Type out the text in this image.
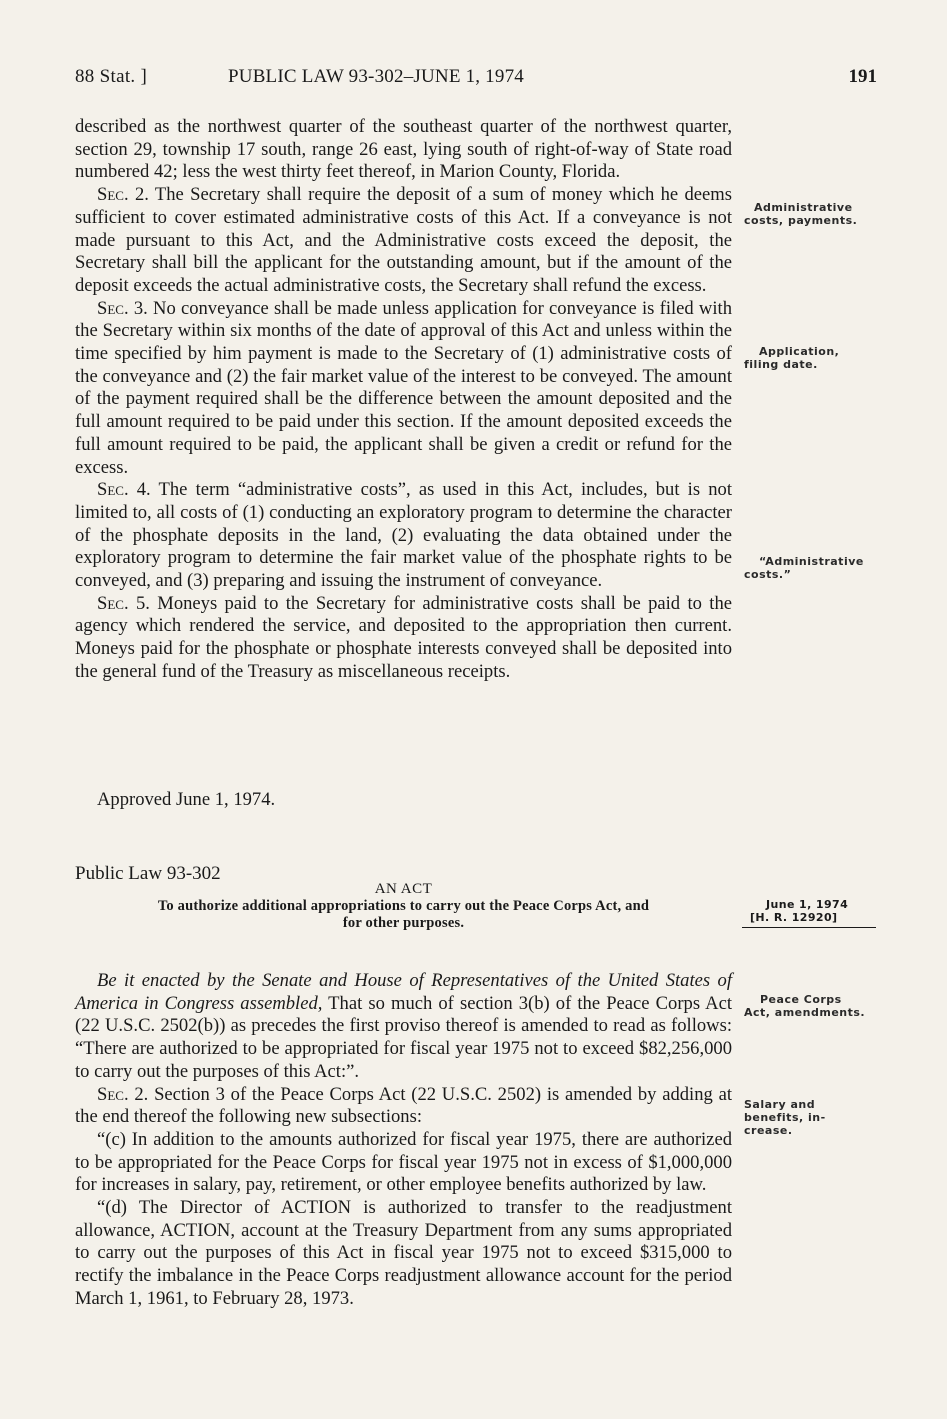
88 Stat. ]	PUBLIC LAW 93-302–JUNE 1, 1974	191

described as the northwest quarter of the southeast quarter of the northwest quarter, section 29, township 17 south, range 26 east, lying south of right-of-way of State road numbered 42; less the west thirty feet thereof, in Marion County, Florida.

Sec. 2. The Secretary shall require the deposit of a sum of money which he deems sufficient to cover estimated administrative costs of this Act. If a conveyance is not made pursuant to this Act, and the Administrative costs exceed the deposit, the Secretary shall bill the applicant for the outstanding amount, but if the amount of the deposit exceeds the actual administrative costs, the Secretary shall refund the excess.

Sec. 3. No conveyance shall be made unless application for conveyance is filed with the Secretary within six months of the date of approval of this Act and unless within the time specified by him payment is made to the Secretary of (1) administrative costs of the conveyance and (2) the fair market value of the interest to be conveyed. The amount of the payment required shall be the difference between the amount deposited and the full amount required to be paid under this section. If the amount deposited exceeds the full amount required to be paid, the applicant shall be given a credit or refund for the excess.

Sec. 4. The term “administrative costs”, as used in this Act, includes, but is not limited to, all costs of (1) conducting an exploratory program to determine the character of the phosphate deposits in the land, (2) evaluating the data obtained under the exploratory program to determine the fair market value of the phosphate rights to be conveyed, and (3) preparing and issuing the instrument of conveyance.

Sec. 5. Moneys paid to the Secretary for administrative costs shall be paid to the agency which rendered the service, and deposited to the appropriation then current. Moneys paid for the phosphate or phosphate interests conveyed shall be deposited into the general fund of the Treasury as miscellaneous receipts.

Approved June 1, 1974.
Administrative
costs, payments.
Application,
filing date.
“Administrative
costs.”
Public Law 93-302
AN ACT
To authorize additional appropriations to carry out the Peace Corps Act, and
for other purposes.
June 1, 1974
[H. R. 12920]

Be it enacted by the Senate and House of Representatives of the United States of America in Congress assembled, That so much of section 3(b) of the Peace Corps Act (22 U.S.C. 2502(b)) as precedes the first proviso thereof is amended to read as follows: “There are authorized to be appropriated for fiscal year 1975 not to exceed $82,256,000 to carry out the purposes of this Act:”.

Sec. 2. Section 3 of the Peace Corps Act (22 U.S.C. 2502) is amended by adding at the end thereof the following new subsections:

“(c) In addition to the amounts authorized for fiscal year 1975, there are authorized to be appropriated for the Peace Corps for fiscal year 1975 not in excess of $1,000,000 for increases in salary, pay, retirement, or other employee benefits authorized by law.

“(d) The Director of ACTION is authorized to transfer to the readjustment allowance, ACTION, account at the Treasury Department from any sums appropriated to carry out the purposes of this Act in fiscal year 1975 not to exceed $315,000 to rectify the imbalance in the Peace Corps readjustment allowance account for the period March 1, 1961, to February 28, 1973.

Peace Corps
Act, amendments.
Salary and
benefits, in-
crease.
